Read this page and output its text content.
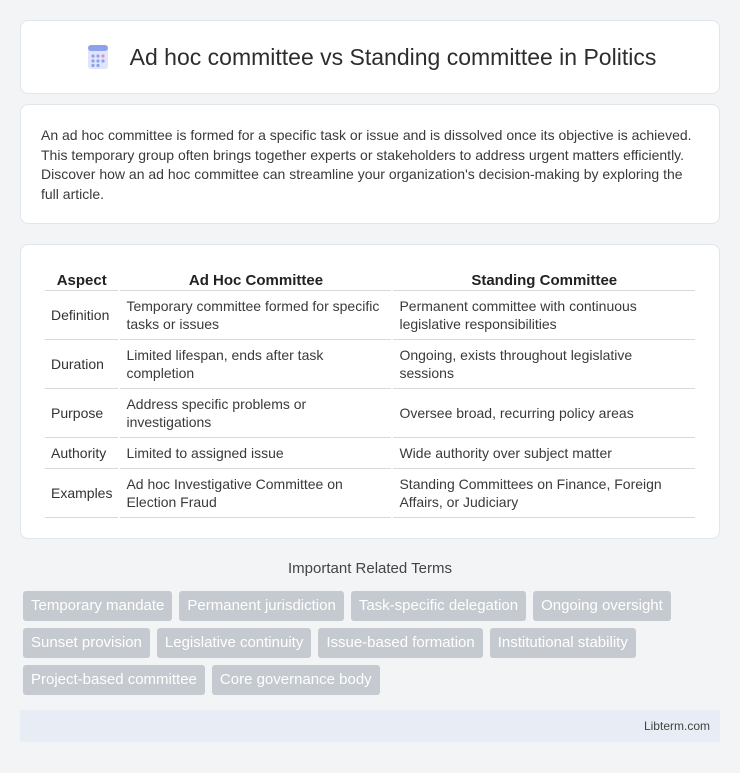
Ad hoc committee vs Standing committee in Politics

An ad hoc committee is formed for a specific task or issue and is dissolved once its objective is achieved. This temporary group often brings together experts or stakeholders to address urgent matters efficiently. Discover how an ad hoc committee can streamline your organization's decision-making by exploring the full article.

Aspect	Ad Hoc Committee	Standing Committee
Definition	Temporary committee formed for specific tasks or issues	Permanent committee with continuous legislative responsibilities
Duration	Limited lifespan, ends after task completion	Ongoing, exists throughout legislative sessions
Purpose	Address specific problems or investigations	Oversee broad, recurring policy areas
Authority	Limited to assigned issue	Wide authority over subject matter
Examples	Ad hoc Investigative Committee on Election Fraud	Standing Committees on Finance, Foreign Affairs, or Judiciary
Important Related Terms
Temporary mandate	Permanent jurisdiction	Task-specific delegation	Ongoing oversight
Sunset provision	Legislative continuity	Issue-based formation	Institutional stability
Project-based committee	Core governance body
Libterm.com
